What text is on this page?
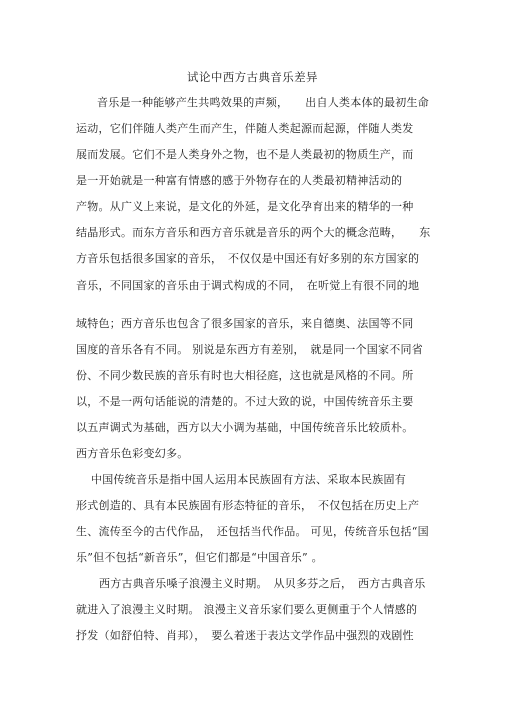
试论中西方古典音乐差异
音乐是一种能够产生共鸣效果的声频，　　出自人类本体的最初生命
运动，它们伴随人类产生而产生，伴随人类起源而起源，伴随人类发
展而发展。它们不是人类身外之物，也不是人类最初的物质生产，而
是一开始就是一种富有情感的感于外物存在的人类最初精神活动的
产物。从广义上来说，是文化的外延，是文化孕育出来的精华的一种
结晶形式。而东方音乐和西方音乐就是音乐的两个大的概念范畴，　　东
方音乐包括很多国家的音乐，　不仅仅是中国还有好多别的东方国家的
音乐，不同国家的音乐由于调式构成的不同，　在听觉上有很不同的地
域特色；西方音乐也包含了很多国家的音乐，来自德奥、法国等不同
国度的音乐各有不同。 别说是东西方有差别，　就是同一个国家不同省
份、不同少数民族的音乐有时也大相径庭，这也就是风格的不同。所
以，不是一两句话能说的清楚的。不过大致的说，中国传统音乐主要
以五声调式为基础，西方以大小调为基础，中国传统音乐比较质朴。
西方音乐色彩变幻多。
中国传统音乐是指中国人运用本民族固有方法、采取本民族固有
形式创造的、具有本民族固有形态特征的音乐，　不仅包括在历史上产
生、流传至今的古代作品，　还包括当代作品。 可见，传统音乐包括“国
乐”但不包括“新音乐”，但它们都是“中国音乐” 。
西方古典音乐嗓子浪漫主义时期。　从贝多芬之后，　西方古典音乐
就进入了浪漫主义时期。 浪漫主义音乐家们要么更侧重于个人情感的
抒发（如舒伯特、肖邦），　要么着迷于表达文学作品中强烈的戏剧性
